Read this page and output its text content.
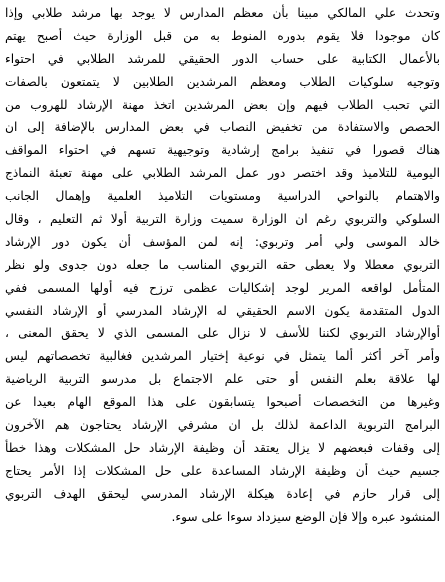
وتحدث علي المالكي مبينا بأن معظم المدارس لا يوجد بها مرشد طلابي وإذا
كان موجودا فلا يقوم بدوره المنوط به من قبل الوزارة حيث أصبح يهتم
بالأعمال الكتابية على حساب الدور الحقيقي للمرشد الطلابي في احتواء
وتوجيه سلوكيات الطلاب ومعظم المرشدين الطلابين لا يتمتعون بالصفات
التي تحبب الطلاب فيهم وإن بعض المرشدين اتخذ مهنة الإرشاد للهروب من
الحصص والاستفادة من تخفيض النصاب في بعض المدارس بالإضافة إلى ان
هناك قصورا في تنفيذ برامج إرشادية وتوجيهية تسهم في احتواء المواقف
اليومية للتلاميذ وقد اختصر دور عمل المرشد الطلابي على مهنة تعبئة النماذج
والاهتمام بالنواحي الدراسية ومستويات التلاميذ العلمية وإهمال الجانب
السلوكي والتربوي رغم ان الوزارة سميت وزارة التربية أولا ثم التعليم ، وقال
خالد الموسى ولي أمر وتربوي: إنه لمن المؤسف أن يكون دور الإرشاد
التربوي معطلا ولا يعطى حقه التربوي المناسب ما جعله دون جدوى ولو نظر
المتأمل لواقعه المرير لوجد إشكاليات عظمى ترزح فيه أولها المسمى ففي
الدول المتقدمة يكون الاسم الحقيقي له الإرشاد المدرسي أو الإرشاد النفسي
أوالإرشاد التربوي لكننا للأسف لا نزال على المسمى الذي لا يحقق المعنى ،
وأمر آخر أكثر ألما يتمثل في نوعية إختيار المرشدين فغالبية تخصصاتهم ليس
لها علاقة بعلم النفس أو حتى علم الاجتماع بل مدرسو التربية الرياضية
وغيرها من التخصصات أصبحوا يتسابقون على هذا الموقع الهام بعيدا عن
البرامج التربوية الداعمة لذلك بل ان مشرفي الإرشاد يحتاجون هم الآخرون
إلى وقفات فبعضهم لا يزال يعتقد أن وظيفة الإرشاد حل المشكلات وهذا خطأ
جسيم حيث أن وظيفة الإرشاد المساعدة على حل المشكلات إذا الأمر يحتاج
إلى قرار حازم في إعادة هيكلة الإرشاد المدرسي ليحقق الهدف التربوي
المنشود عبره وإلا فإن الوضع سيزداد سوءا على سوء.
